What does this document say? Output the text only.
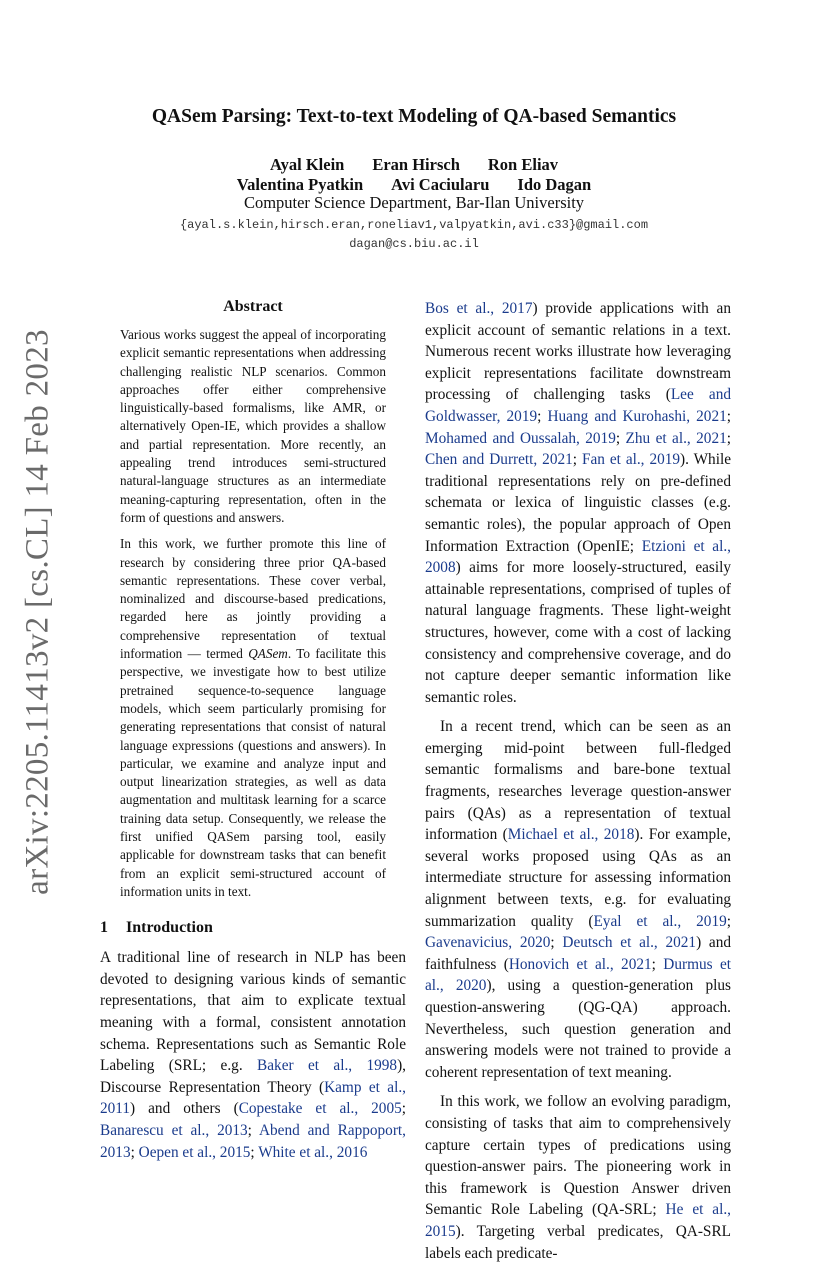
arXiv:2205.11413v2 [cs.CL] 14 Feb 2023
QASem Parsing: Text-to-text Modeling of QA-based Semantics
Ayal Klein Eran Hirsch Ron Eliav
Valentina Pyatkin Avi Caciularu Ido Dagan
Computer Science Department, Bar-Ilan University
{ayal.s.klein,hirsch.eran,roneliav1,valpyatkin,avi.c33}@gmail.com
dagan@cs.biu.ac.il
Abstract

Various works suggest the appeal of incorporating explicit semantic representations when addressing challenging realistic NLP scenarios. Common approaches offer either comprehensive linguistically-based formalisms, like AMR, or alternatively Open-IE, which provides a shallow and partial representation. More recently, an appealing trend introduces semi-structured natural-language structures as an intermediate meaning-capturing representation, often in the form of questions and answers.

In this work, we further promote this line of research by considering three prior QA-based semantic representations. These cover verbal, nominalized and discourse-based predications, regarded here as jointly providing a comprehensive representation of textual information — termed QASem. To facilitate this perspective, we investigate how to best utilize pretrained sequence-to-sequence language models, which seem particularly promising for generating representations that consist of natural language expressions (questions and answers). In particular, we examine and analyze input and output linearization strategies, as well as data augmentation and multitask learning for a scarce training data setup. Consequently, we release the first unified QASem parsing tool, easily applicable for downstream tasks that can benefit from an explicit semi-structured account of information units in text.

1 Introduction

A traditional line of research in NLP has been devoted to designing various kinds of semantic representations, that aim to explicate textual meaning with a formal, consistent annotation schema. Representations such as Semantic Role Labeling (SRL; e.g. Baker et al., 1998), Discourse Representation Theory (Kamp et al., 2011) and others (Copestake et al., 2005; Banarescu et al., 2013; Abend and Rappoport, 2013; Oepen et al., 2015; White et al., 2016

Bos et al., 2017) provide applications with an explicit account of semantic relations in a text. Numerous recent works illustrate how leveraging explicit representations facilitate downstream processing of challenging tasks (Lee and Goldwasser, 2019; Huang and Kurohashi, 2021; Mohamed and Oussalah, 2019; Zhu et al., 2021; Chen and Durrett, 2021; Fan et al., 2019). While traditional representations rely on pre-defined schemata or lexica of linguistic classes (e.g. semantic roles), the popular approach of Open Information Extraction (OpenIE; Etzioni et al., 2008) aims for more loosely-structured, easily attainable representations, comprised of tuples of natural language fragments. These light-weight structures, however, come with a cost of lacking consistency and comprehensive coverage, and do not capture deeper semantic information like semantic roles.

In a recent trend, which can be seen as an emerging mid-point between full-fledged semantic formalisms and bare-bone textual fragments, researches leverage question-answer pairs (QAs) as a representation of textual information (Michael et al., 2018). For example, several works proposed using QAs as an intermediate structure for assessing information alignment between texts, e.g. for evaluating summarization quality (Eyal et al., 2019; Gavenavicius, 2020; Deutsch et al., 2021) and faithfulness (Honovich et al., 2021; Durmus et al., 2020), using a question-generation plus question-answering (QG-QA) approach. Nevertheless, such question generation and answering models were not trained to provide a coherent representation of text meaning.

In this work, we follow an evolving paradigm, consisting of tasks that aim to comprehensively capture certain types of predications using question-answer pairs. The pioneering work in this framework is Question Answer driven Semantic Role Labeling (QA-SRL; He et al., 2015). Targeting verbal predicates, QA-SRL labels each predicate-
